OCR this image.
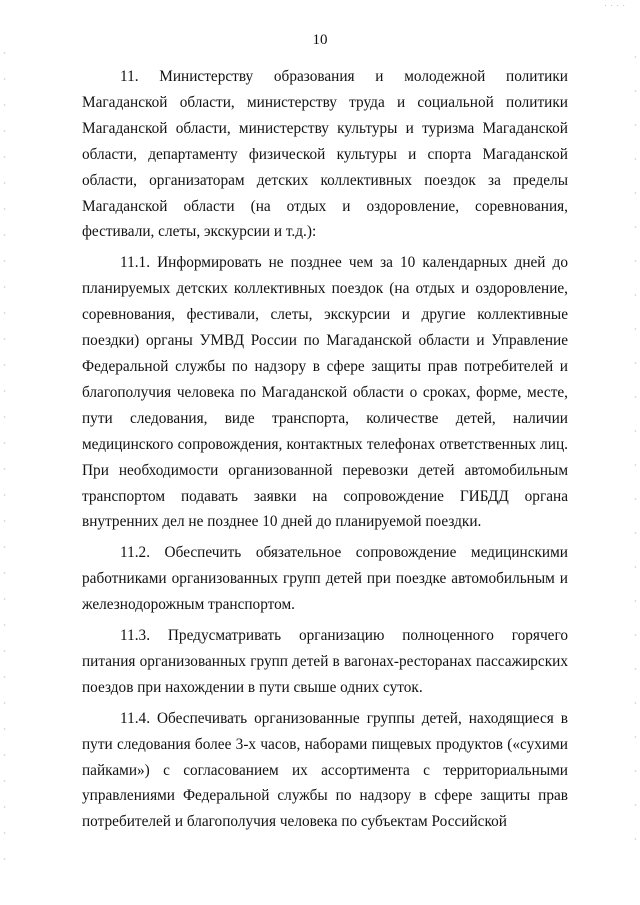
· · · ·
10

11. Министерству образования и молодежной политики Магаданской области, министерству труда и социальной политики Магаданской области, министерству культуры и туризма Магаданской области, департаменту физической культуры и спорта Магаданской области, организаторам детских коллективных поездок за пределы Магаданской области (на отдых и оздоровление, соревнования, фестивали, слеты, экскурсии и т.д.):

11.1. Информировать не позднее чем за 10 календарных дней до планируемых детских коллективных поездок (на отдых и оздоровление, соревнования, фестивали, слеты, экскурсии и другие коллективные поездки) органы УМВД России по Магаданской области и Управление Федеральной службы по надзору в сфере защиты прав потребителей и благополучия человека по Магаданской области о сроках, форме, месте, пути следования, виде транспорта, количестве детей, наличии медицинского сопровождения, контактных телефонах ответственных лиц. При необходимости организованной перевозки детей автомобильным транспортом подавать заявки на сопровождение ГИБДД органа внутренних дел не позднее 10 дней до планируемой поездки.

11.2. Обеспечить обязательное сопровождение медицинскими работниками организованных групп детей при поездке автомобильным и железнодорожным транспортом.

11.3. Предусматривать организацию полноценного горячего питания организованных групп детей в вагонах-ресторанах пассажирских поездов при нахождении в пути свыше одних суток.

11.4. Обеспечивать организованные группы детей, находящиеся в пути следования более 3-х часов, наборами пищевых продуктов («сухими пайками») с согласованием их ассортимента с территориальными управлениями Федеральной службы по надзору в сфере защиты прав потребителей и благополучия человека по субъектам Российской
